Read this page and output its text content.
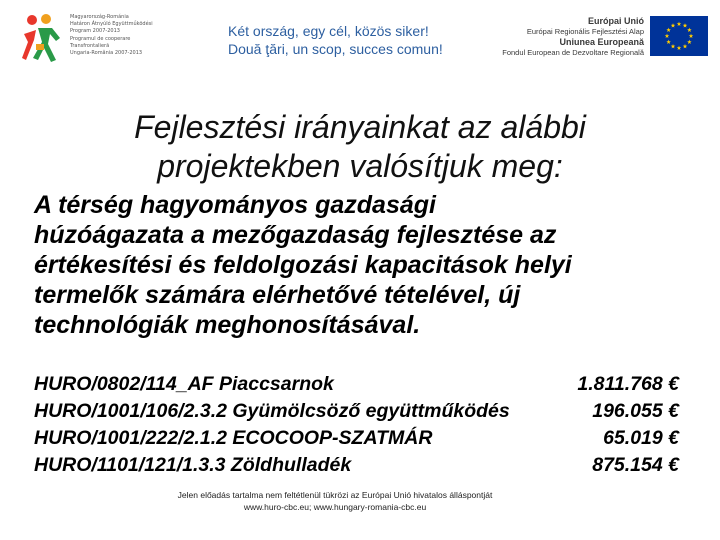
Magyarország-Románia
Határon Átnyúló Együttműködési
Program 2007-2013
Programul de cooperare
Transfrontalieră
Ungaria-România 2007-2013
Két ország, egy cél, közös siker!
Două ţări, un scop, succes comun!
Európai Unió
Európai Regionális Fejlesztési Alap
Uniunea Europeană
Fondul European de Dezvoltare Regională
Fejlesztési irányainkat az alábbi
projektekben valósítjuk meg:
A térség hagyományos gazdasági
húzóágazata a mezőgazdaság fejlesztése az
értékesítési és feldolgozási kapacitások helyi
termelők számára elérhetővé tételével, új
technológiák meghonosításával.
HURO/0802/114_AF Piaccsarnok	1.811.768 €
HURO/1001/106/2.3.2 Gyümölcsöző együttműködés	196.055 €
HURO/1001/222/2.1.2 ECOCOOP-SZATMÁR	65.019 €
HURO/1101/121/1.3.3 Zöldhulladék	875.154 €
Jelen előadás tartalma nem feltétlenül tükrözi az Európai Unió hivatalos álláspontját
www.huro-cbc.eu; www.hungary-romania-cbc.eu
